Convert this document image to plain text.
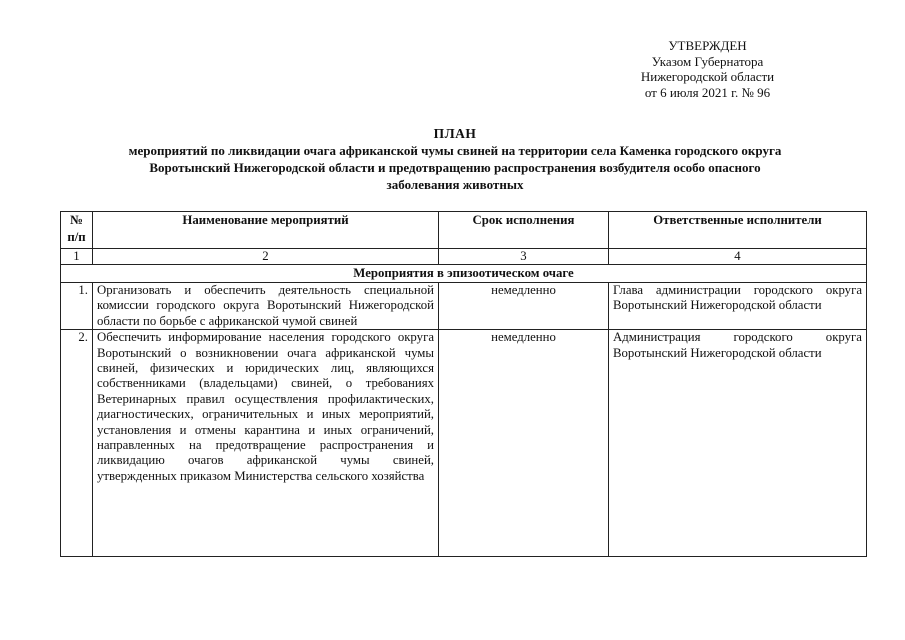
УТВЕРЖДЕН
Указом Губернатора
Нижегородской области
от 6 июля 2021 г. № 96
ПЛАН
мероприятий по ликвидации очага африканской чумы свиней на территории села Каменка городского округа
Воротынский Нижегородской области и предотвращению распространения возбудителя особо опасного
заболевания животных
№ п/п	Наименование мероприятий	Срок исполнения	Ответственные исполнители
1	2	3	4
Мероприятия в эпизоотическом очаге			
1.	Организовать и обеспечить деятельность специальной комиссии городского округа Воротынский Нижегородской области по борьбе с африканской чумой свиней	немедленно	Глава администрации городского округа Воротынский Нижегородской области
2.	Обеспечить информирование населения городского округа Воротынский о возникновении очага африканской чумы свиней, физических и юридических лиц, являющихся собственниками (владельцами) свиней, о требованиях Ветеринарных правил осуществления профилактических, диагностических, ограничительных и иных мероприятий, установления и отмены карантина и иных ограничений, направленных на предотвращение распространения и ликвидацию очагов африканской чумы свиней, утвержденных приказом Министерства сельского хозяйства	немедленно	Администрация городского округа Воротынский Нижегородской области
